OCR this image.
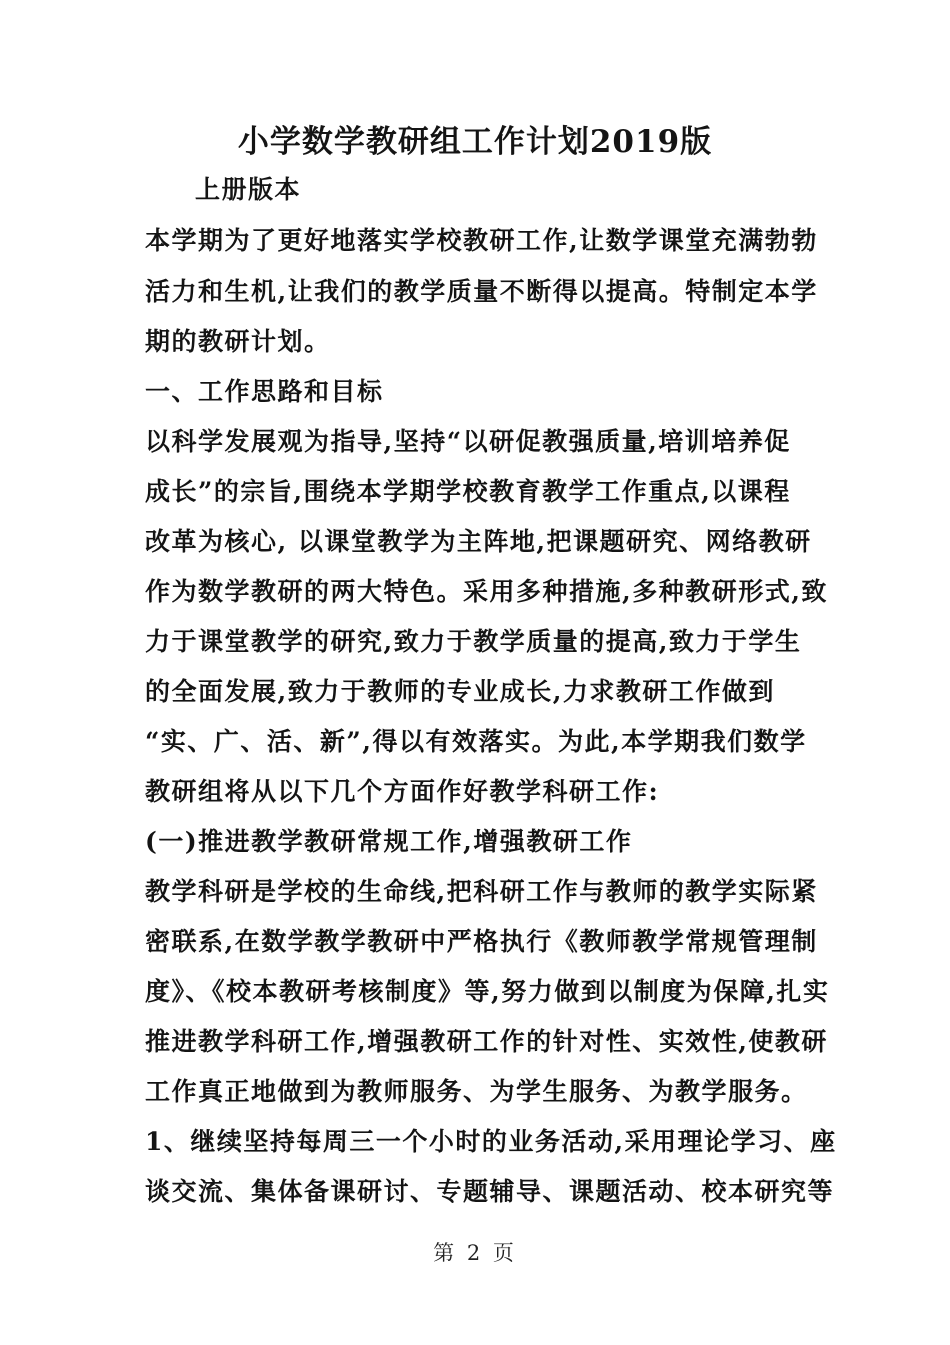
小学数学教研组工作计划2019版
上册版本
本学期为了更好地落实学校教研工作,让数学课堂充满勃勃
活力和生机,让我们的教学质量不断得以提高。特制定本学
期的教研计划。
一、工作思路和目标
以科学发展观为指导,坚持“以研促教强质量,培训培养促
成长”的宗旨,围绕本学期学校教育教学工作重点,以课程
改革为核心, 以课堂教学为主阵地,把课题研究、网络教研
作为数学教研的两大特色。采用多种措施,多种教研形式,致
力于课堂教学的研究,致力于教学质量的提高,致力于学生
的全面发展,致力于教师的专业成长,力求教研工作做到
“实、广、活、新”,得以有效落实。为此,本学期我们数学
教研组将从以下几个方面作好教学科研工作:
(一)推进教学教研常规工作,增强教研工作
教学科研是学校的生命线,把科研工作与教师的教学实际紧
密联系,在数学教学教研中严格执行《教师教学常规管理制
度》、《校本教研考核制度》等,努力做到以制度为保障,扎实
推进教学科研工作,增强教研工作的针对性、实效性,使教研
工作真正地做到为教师服务、为学生服务、为教学服务。
1、继续坚持每周三一个小时的业务活动,采用理论学习、座
谈交流、集体备课研讨、专题辅导、课题活动、校本研究等
第 2 页
